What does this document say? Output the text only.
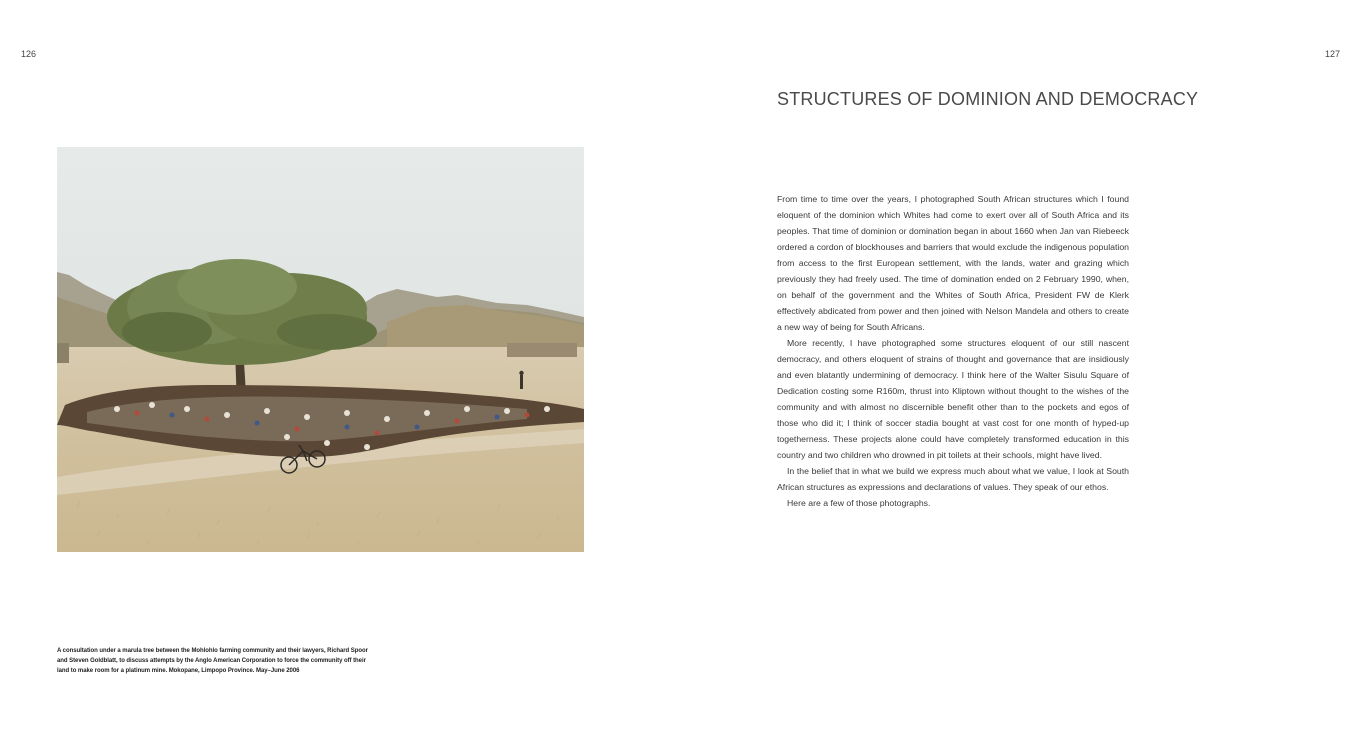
126	127
A consultation under a marula tree between the Mohlohlo farming community and their lawyers, Richard Spoor and Steven Goldblatt, to discuss attempts by the Anglo American Corporation to force the community off their land to make room for a platinum mine. Mokopane, Limpopo Province. May–June 2006
STRUCTURES OF DOMINION AND DEMOCRACY

From time to time over the years, I photographed South African structures which I found eloquent of the dominion which Whites had come to exert over all of South Africa and its peoples. That time of dominion or domination began in about 1660 when Jan van Riebeeck ordered a cordon of blockhouses and barriers that would exclude the indigenous population from access to the first European settlement, with the lands, water and grazing which previously they had freely used. The time of domination ended on 2 February 1990, when, on behalf of the government and the Whites of South Africa, President FW de Klerk effectively abdicated from power and then joined with Nelson Mandela and others to create a new way of being for South Africans.

More recently, I have photographed some structures eloquent of our still nascent democracy, and others eloquent of strains of thought and governance that are insidiously and even blatantly undermining of democracy. I think here of the Walter Sisulu Square of Dedication costing some R160m, thrust into Kliptown without thought to the wishes of the community and with almost no discernible benefit other than to the pockets and egos of those who did it; I think of soccer stadia bought at vast cost for one month of hyped-up togetherness. These projects alone could have completely transformed education in this country and two children who drowned in pit toilets at their schools, might have lived.

In the belief that in what we build we express much about what we value, I look at South African structures as expressions and declarations of values. They speak of our ethos.

Here are a few of those photographs.
